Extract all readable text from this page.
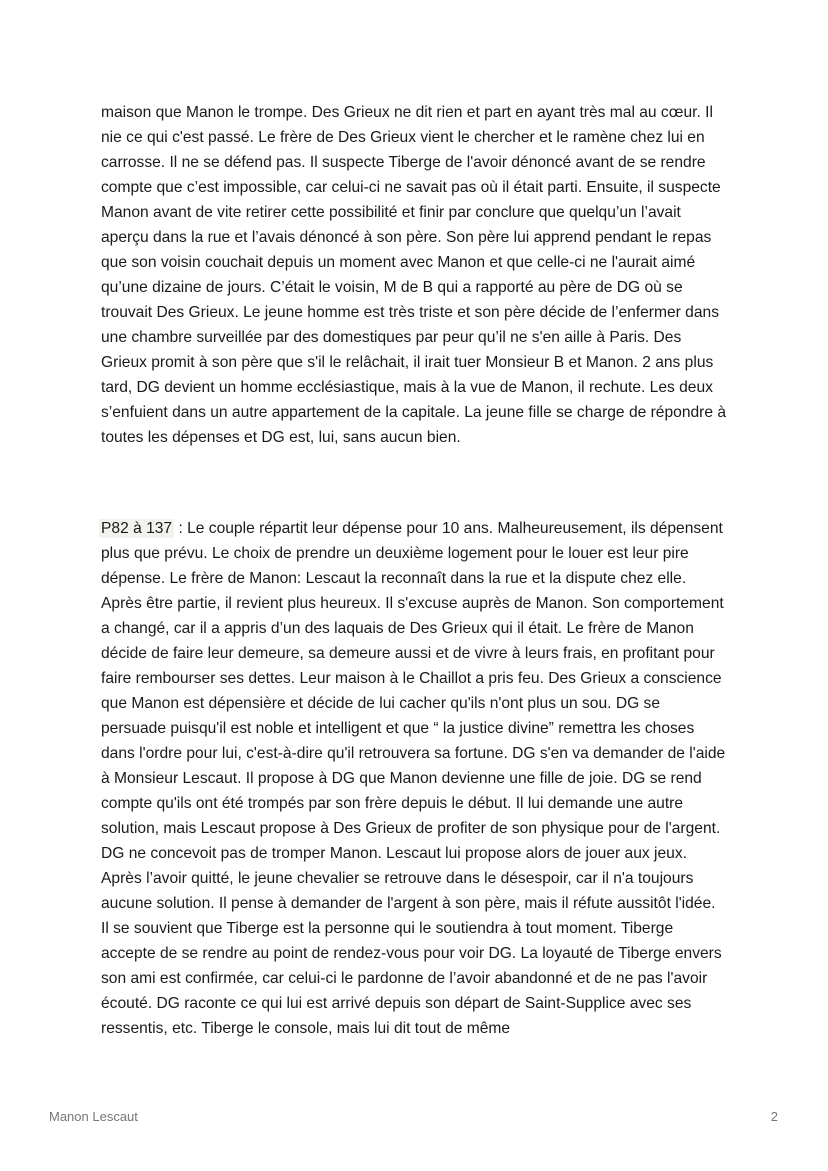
maison que Manon le trompe. Des Grieux ne dit rien et part en ayant très mal au cœur. Il nie ce qui c'est passé. Le frère de Des Grieux vient le chercher et le ramène chez lui en carrosse. Il ne se défend pas. Il suspecte Tiberge de l'avoir dénoncé avant de se rendre compte que c’est impossible, car celui-ci ne savait pas où il était parti. Ensuite, il suspecte Manon avant de vite retirer cette possibilité et finir par conclure que quelqu’un l’avait aperçu dans la rue et l’avais dénoncé à son père. Son père lui apprend pendant le repas que son voisin couchait depuis un moment avec Manon et que celle-ci ne l'aurait aimé qu’une dizaine de jours. C’était le voisin, M de B qui a rapporté au père de DG où se trouvait Des Grieux. Le jeune homme est très triste et son père décide de l’enfermer dans une chambre surveillée par des domestiques par peur qu’il ne s'en aille à Paris. Des Grieux promit à son père que s'il le relâchait, il irait tuer Monsieur B et Manon. 2 ans plus tard, DG devient un homme ecclésiastique, mais à la vue de Manon, il rechute. Les deux s’enfuient dans un autre appartement de la capitale. La jeune fille se charge de répondre à toutes les dépenses et DG est, lui, sans aucun bien.

P82 à 137 : Le couple répartit leur dépense pour 10 ans. Malheureusement, ils dépensent plus que prévu. Le choix de prendre un deuxième logement pour le louer est leur pire dépense. Le frère de Manon: Lescaut la reconnaît dans la rue et la dispute chez elle. Après être partie, il revient plus heureux. Il s'excuse auprès de Manon. Son comportement a changé, car il a appris d’un des laquais de Des Grieux qui il était. Le frère de Manon décide de faire leur demeure, sa demeure aussi et de vivre à leurs frais, en profitant pour faire rembourser ses dettes. Leur maison à le Chaillot a pris feu. Des Grieux a conscience que Manon est dépensière et décide de lui cacher qu'ils n'ont plus un sou. DG se persuade puisqu'il est noble et intelligent et que “ la justice divine” remettra les choses dans l'ordre pour lui, c'est-à-dire qu'il retrouvera sa fortune. DG s'en va demander de l'aide à Monsieur Lescaut. Il propose à DG que Manon devienne une fille de joie. DG se rend compte qu'ils ont été trompés par son frère depuis le début. Il lui demande une autre solution, mais Lescaut propose à Des Grieux de profiter de son physique pour de l'argent. DG ne concevoit pas de tromper Manon. Lescaut lui propose alors de jouer aux jeux. Après l’avoir quitté, le jeune chevalier se retrouve dans le désespoir, car il n'a toujours aucune solution. Il pense à demander de l'argent à son père, mais il réfute aussitôt l'idée. Il se souvient que Tiberge est la personne qui le soutiendra à tout moment. Tiberge accepte de se rendre au point de rendez-vous pour voir DG. La loyauté de Tiberge envers son ami est confirmée, car celui-ci le pardonne de l’avoir abandonné et de ne pas l'avoir écouté. DG raconte ce qui lui est arrivé depuis son départ de Saint-Supplice avec ses ressentis, etc. Tiberge le console, mais lui dit tout de même

Manon Lescaut	2
